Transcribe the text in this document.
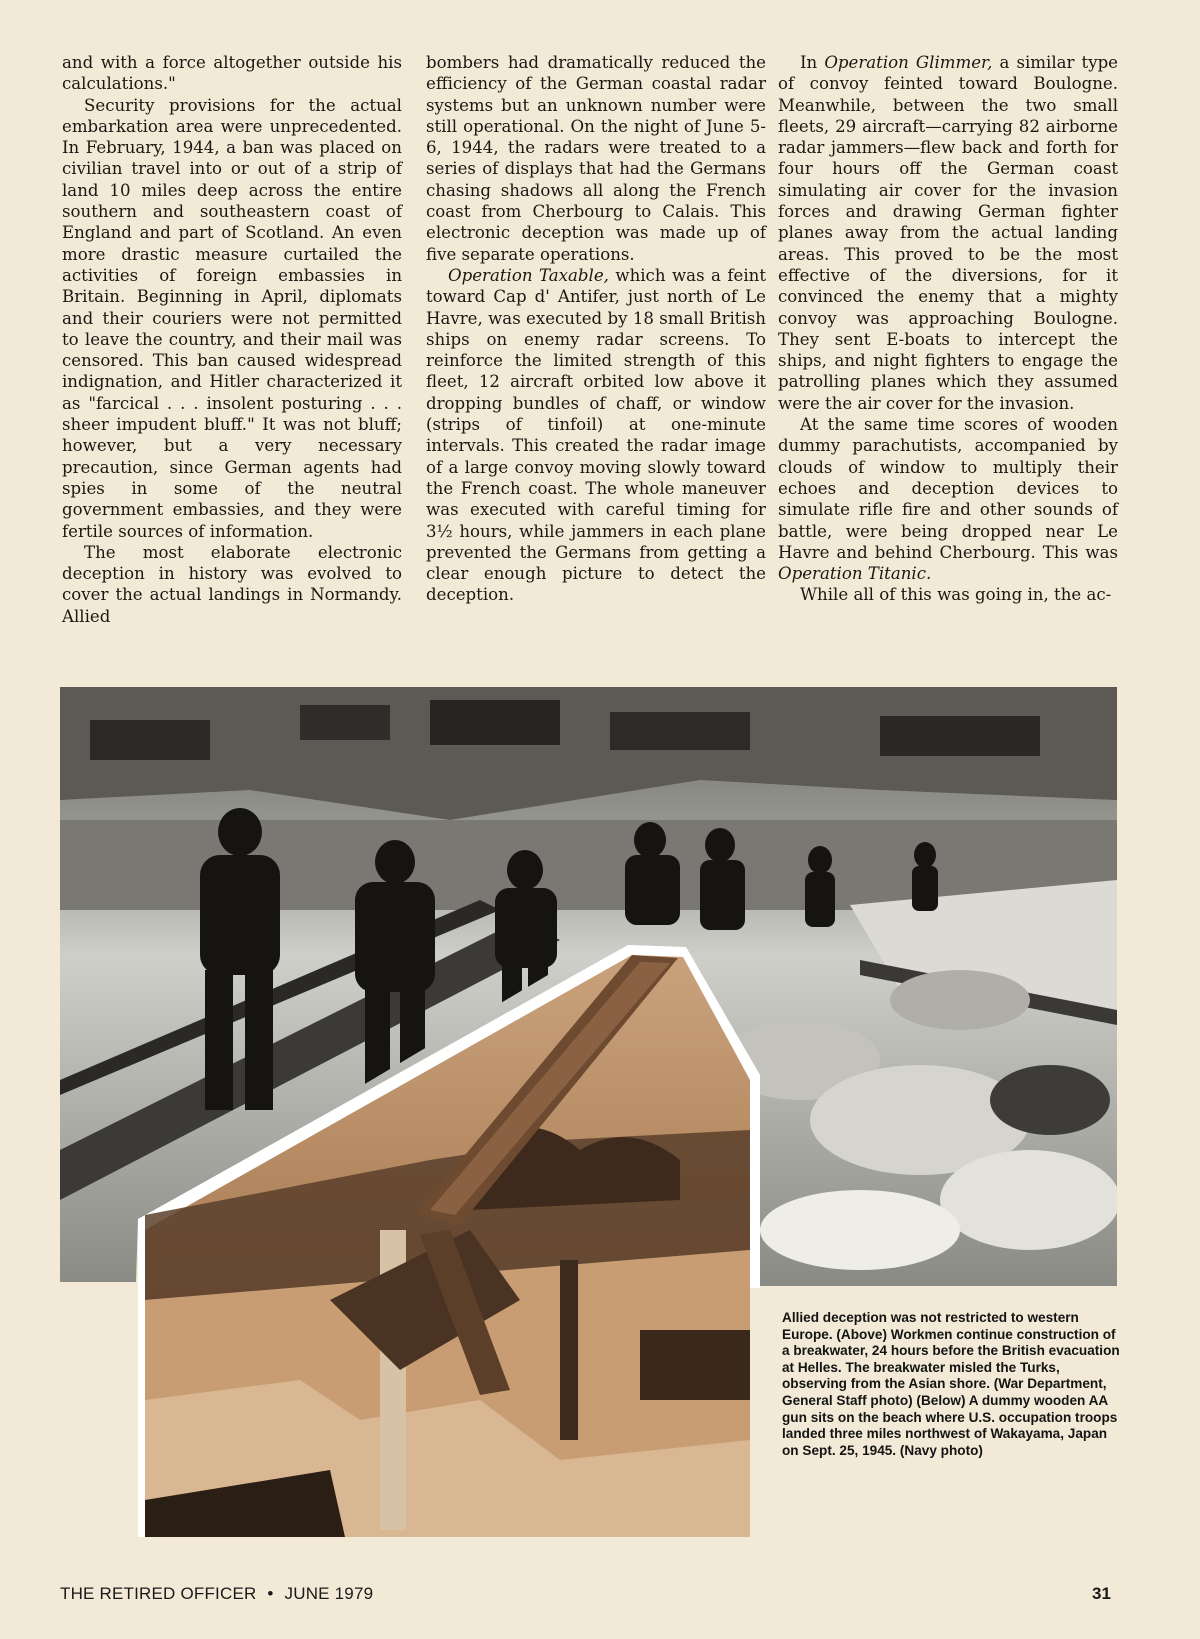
and with a force altogether outside his calculations."

Security provisions for the actual embarkation area were unprecedented. In February, 1944, a ban was placed on civilian travel into or out of a strip of land 10 miles deep across the entire southern and southeastern coast of England and part of Scotland. An even more drastic measure curtailed the activities of foreign embassies in Britain. Beginning in April, diplomats and their couriers were not permitted to leave the country, and their mail was censored. This ban caused widespread indignation, and Hitler characterized it as "farcical . . . insolent posturing . . . sheer impudent bluff." It was not bluff; however, but a very necessary precaution, since German agents had spies in some of the neutral government embassies, and they were fertile sources of information.

The most elaborate electronic deception in history was evolved to cover the actual landings in Normandy. Allied

bombers had dramatically reduced the efficiency of the German coastal radar systems but an unknown number were still operational. On the night of June 5-6, 1944, the radars were treated to a series of displays that had the Germans chasing shadows all along the French coast from Cherbourg to Calais. This electronic deception was made up of five separate operations.

Operation Taxable, which was a feint toward Cap d' Antifer, just north of Le Havre, was executed by 18 small British ships on enemy radar screens. To reinforce the limited strength of this fleet, 12 aircraft orbited low above it dropping bundles of chaff, or window (strips of tinfoil) at one-minute intervals. This created the radar image of a large convoy moving slowly toward the French coast. The whole maneuver was executed with careful timing for 3½ hours, while jammers in each plane prevented the Germans from getting a clear enough picture to detect the deception.

In Operation Glimmer, a similar type of convoy feinted toward Boulogne. Meanwhile, between the two small fleets, 29 aircraft—carrying 82 airborne radar jammers—flew back and forth for four hours off the German coast simulating air cover for the invasion forces and drawing German fighter planes away from the actual landing areas. This proved to be the most effective of the diversions, for it convinced the enemy that a mighty convoy was approaching Boulogne. They sent E-boats to intercept the ships, and night fighters to engage the patrolling planes which they assumed were the air cover for the invasion.

At the same time scores of wooden dummy parachutists, accompanied by clouds of window to multiply their echoes and deception devices to simulate rifle fire and other sounds of battle, were being dropped near Le Havre and behind Cherbourg. This was Operation Titanic.

While all of this was going in, the ac-

Allied deception was not restricted to western Europe. (Above) Workmen continue construction of a breakwater, 24 hours before the British evacuation at Helles. The breakwater misled the Turks, observing from the Asian shore. (War Department, General Staff photo) (Below) A dummy wooden AA gun sits on the beach where U.S. occupation troops landed three miles northwest of Wakayama, Japan on Sept. 25, 1945. (Navy photo)
THE RETIRED OFFICER • JUNE 1979	31
